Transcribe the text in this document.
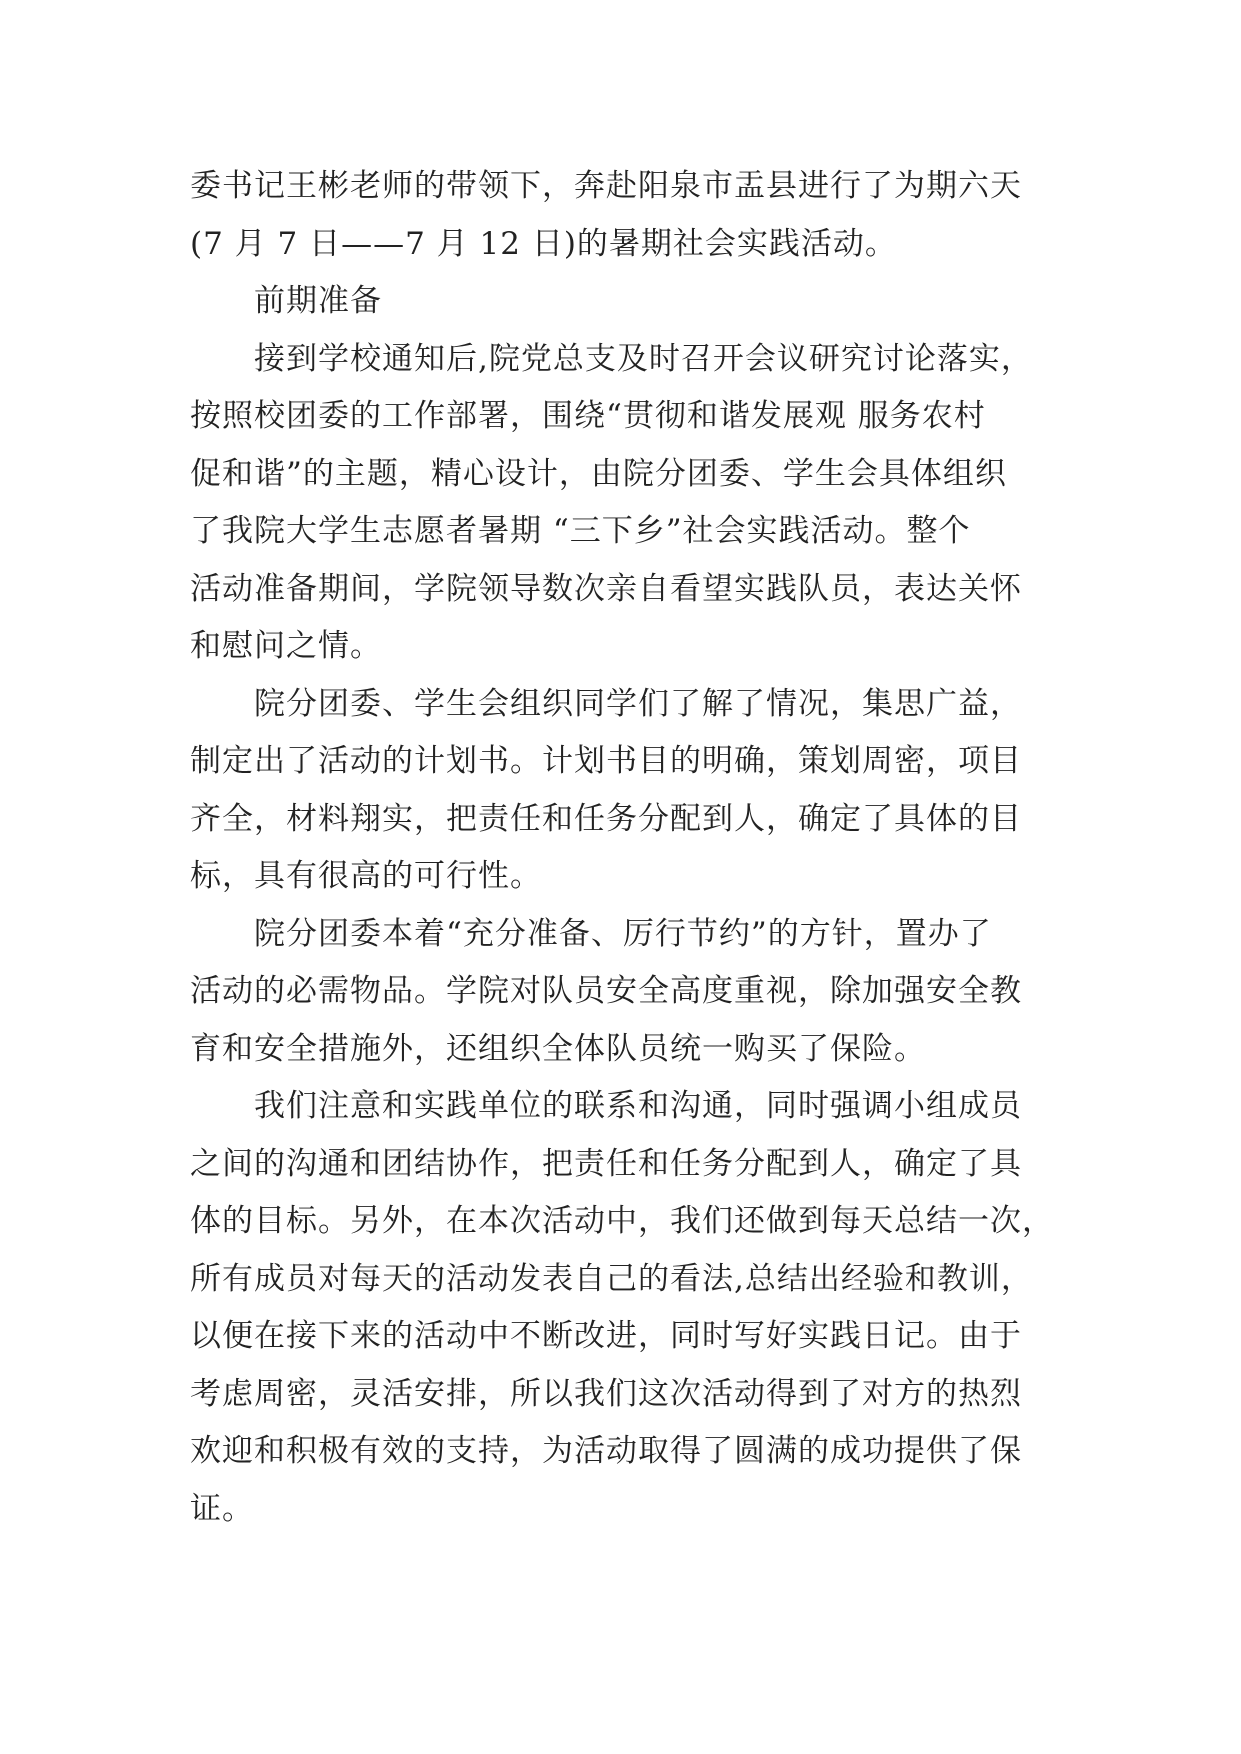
委书记王彬老师的带领下，奔赴阳泉市盂县进行了为期六天
(7 月 7 日——7 月 12 日)的暑期社会实践活动。
前期准备
接到学校通知后,院党总支及时召开会议研究讨论落实，
按照校团委的工作部署，围绕“贯彻和谐发展观 服务农村
促和谐”的主题，精心设计，由院分团委、学生会具体组织
了我院大学生志愿者暑期 “三下乡”社会实践活动。整个
活动准备期间，学院领导数次亲自看望实践队员，表达关怀
和慰问之情。
院分团委、学生会组织同学们了解了情况，集思广益，
制定出了活动的计划书。计划书目的明确，策划周密，项目
齐全，材料翔实，把责任和任务分配到人，确定了具体的目
标，具有很高的可行性。
院分团委本着“充分准备、厉行节约”的方针，置办了
活动的必需物品。学院对队员安全高度重视，除加强安全教
育和安全措施外，还组织全体队员统一购买了保险。
我们注意和实践单位的联系和沟通，同时强调小组成员
之间的沟通和团结协作，把责任和任务分配到人，确定了具
体的目标。另外，在本次活动中，我们还做到每天总结一次，
所有成员对每天的活动发表自己的看法,总结出经验和教训，
以便在接下来的活动中不断改进，同时写好实践日记。由于
考虑周密，灵活安排，所以我们这次活动得到了对方的热烈
欢迎和积极有效的支持，为活动取得了圆满的成功提供了保
证。
